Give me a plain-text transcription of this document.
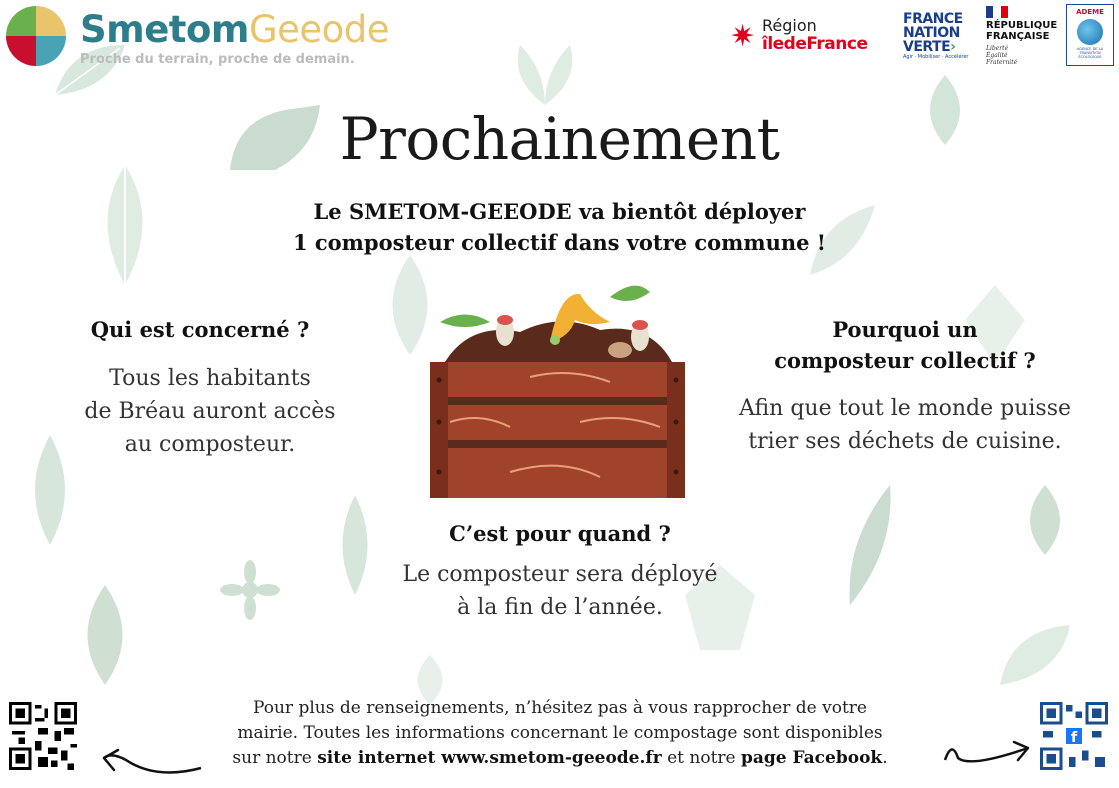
SmetomGeeode
Proche du terrain, proche de demain.
✷ Région
îledeFrance
FRANCE
NATION
VERTE›
Agir · Mobiliser · Accélérer
RÉPUBLIQUE
FRANÇAISE
Liberté
Égalité
Fraternité
ADEME
AGENCE DE LA TRANSITION ÉCOLOGIQUE
Prochainement
Le SMETOM-GEEODE va bientôt déployer
1 composteur collectif dans votre commune !
Qui est concerné ?
Tous les habitants
de Bréau auront accès
au composteur.
Pourquoi un
composteur collectif ?
Afin que tout le monde puisse
trier ses déchets de cuisine.
C’est pour quand ?
Le composteur sera déployé
à la fin de l’année.
f
Pour plus de renseignements, n’hésitez pas à vous rapprocher de votre
mairie. Toutes les informations concernant le compostage sont disponibles
sur notre site internet www.smetom-geeode.fr et notre page Facebook.
